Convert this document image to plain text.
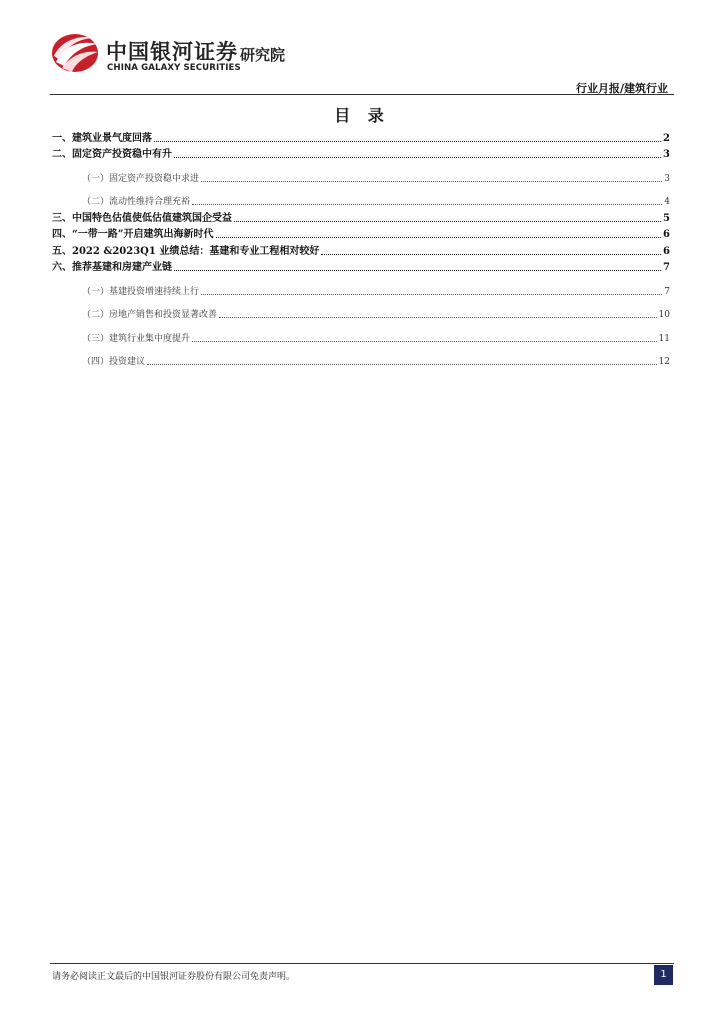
中国银河证券
CHINA GALAXY SECURITIES
研究院
行业月报/建筑行业
目 录
一、建筑业景气度回落	2
二、固定资产投资稳中有升	3
（一）固定资产投资稳中求进	3
（二）流动性维持合理充裕	4
三、中国特色估值使低估值建筑国企受益	5
四、“一带一路”开启建筑出海新时代	6
五、2022 &2023Q1 业绩总结：基建和专业工程相对较好	6
六、推荐基建和房建产业链	7
（一）基建投资增速持续上行	7
（二）房地产销售和投资显著改善	10
（三）建筑行业集中度提升	11
（四）投资建议	12
请务必阅读正文最后的中国银河证券股份有限公司免责声明。	1
